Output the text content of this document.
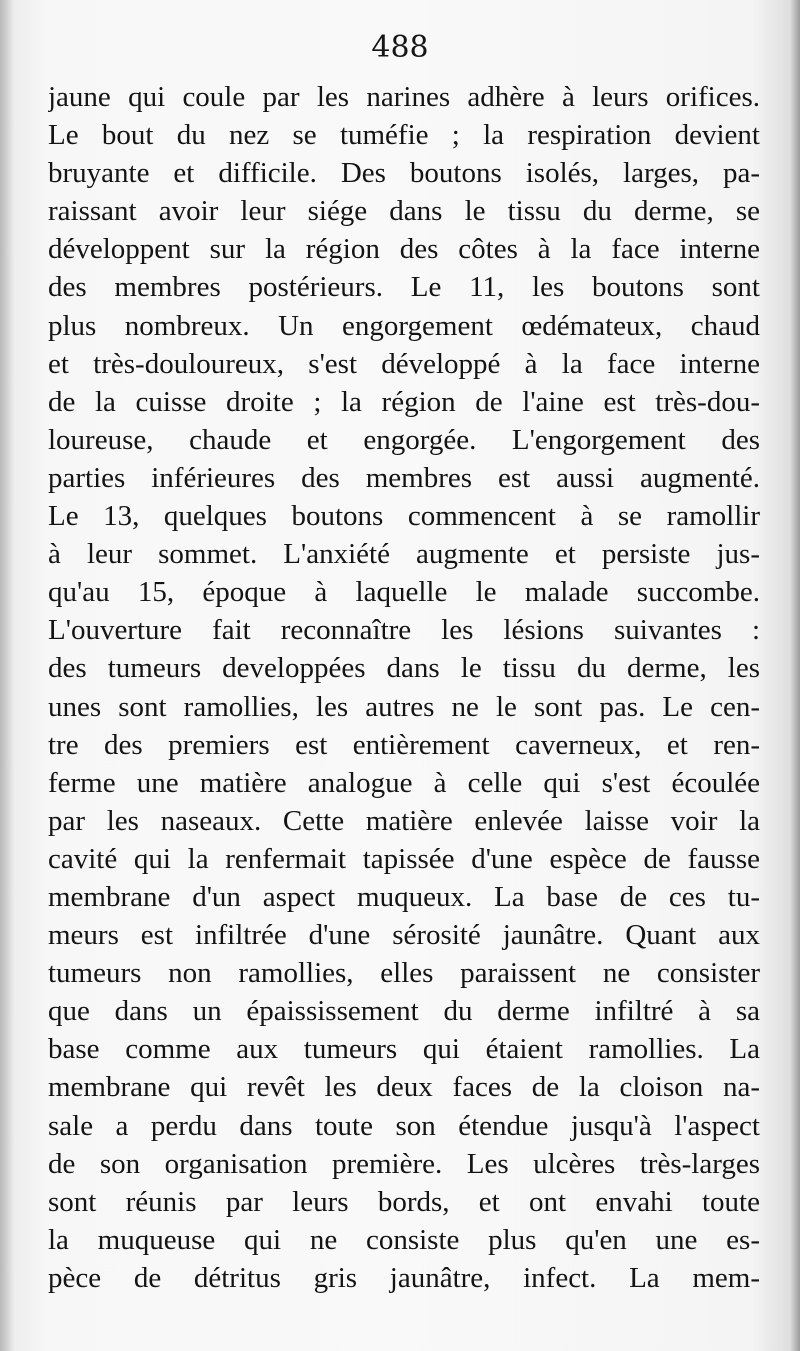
488
jaune qui coule par les narines adhère à leurs orifices.
Le bout du nez se tuméfie ; la respiration devient
bruyante et difficile. Des boutons isolés, larges, pa-
raissant avoir leur siége dans le tissu du derme, se
développent sur la région des côtes à la face interne
des membres postérieurs. Le 11, les boutons sont
plus nombreux. Un engorgement œdémateux, chaud
et très-douloureux, s'est développé à la face interne
de la cuisse droite ; la région de l'aine est très-dou-
loureuse, chaude et engorgée. L'engorgement des
parties inférieures des membres est aussi augmenté.
Le 13, quelques boutons commencent à se ramollir
à leur sommet. L'anxiété augmente et persiste jus-
qu'au 15, époque à laquelle le malade succombe.
L'ouverture fait reconnaître les lésions suivantes :
des tumeurs developpées dans le tissu du derme, les
unes sont ramollies, les autres ne le sont pas. Le cen-
tre des premiers est entièrement caverneux, et ren-
ferme une matière analogue à celle qui s'est écoulée
par les naseaux. Cette matière enlevée laisse voir la
cavité qui la renfermait tapissée d'une espèce de fausse
membrane d'un aspect muqueux. La base de ces tu-
meurs est infiltrée d'une sérosité jaunâtre. Quant aux
tumeurs non ramollies, elles paraissent ne consister
que dans un épaississement du derme infiltré à sa
base comme aux tumeurs qui étaient ramollies. La
membrane qui revêt les deux faces de la cloison na-
sale a perdu dans toute son étendue jusqu'à l'aspect
de son organisation première. Les ulcères très-larges
sont réunis par leurs bords, et ont envahi toute
la muqueuse qui ne consiste plus qu'en une es-
pèce de détritus gris jaunâtre, infect. La mem-
